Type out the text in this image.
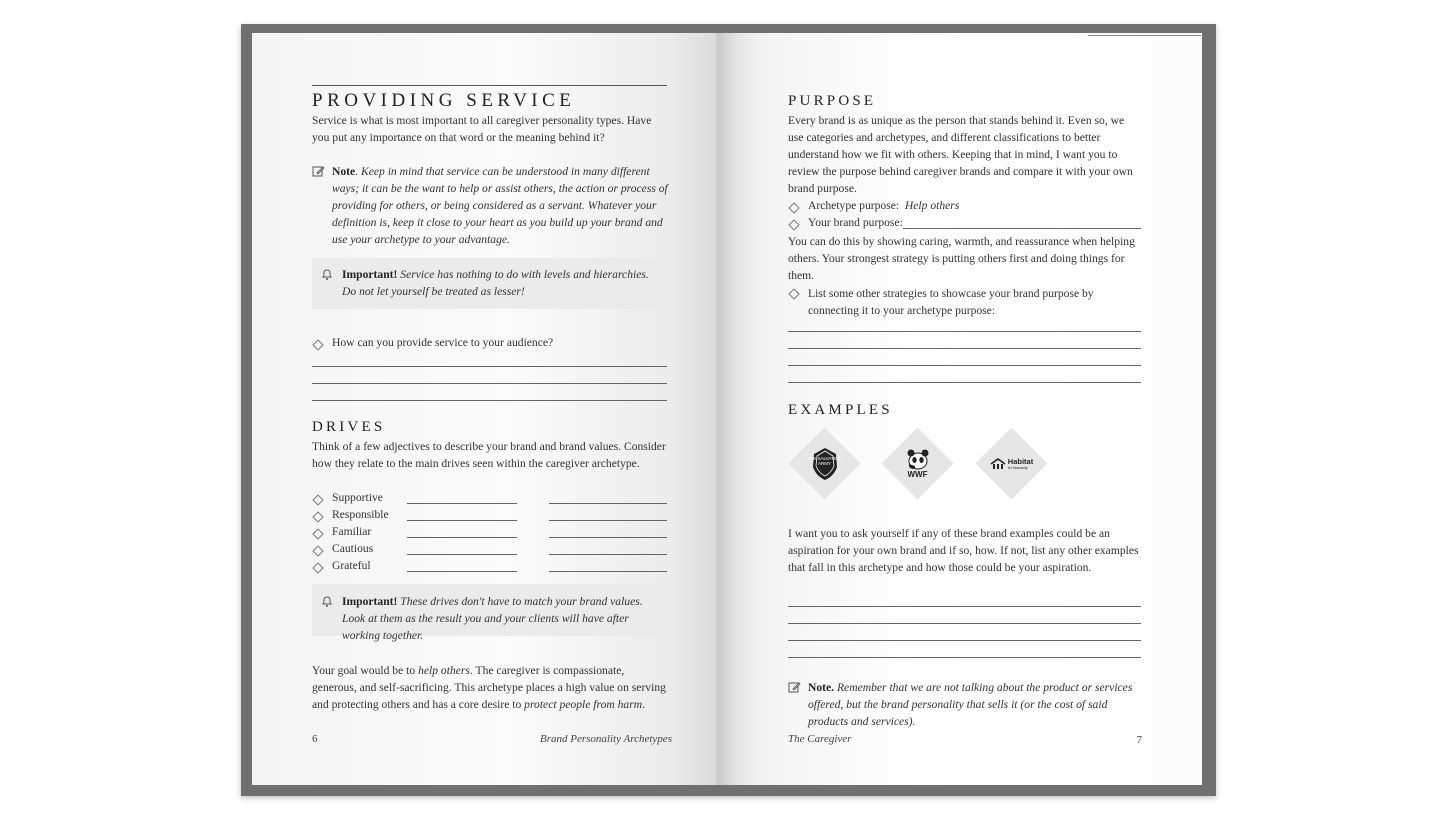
PROVIDING SERVICE
Service is what is most important to all caregiver personality types. Have you put any importance on that word or the meaning behind it?
Note. Keep in mind that service can be understood in many different ways; it can be the want to help or assist others, the action or process of providing for others, or being considered as a servant. Whatever your definition is, keep it close to your heart as you build up your brand and use your archetype to your advantage.
Important! Service has nothing to do with levels and hierarchies. Do not let yourself be treated as lesser!
How can you provide service to your audience?
DRIVES
Think of a few adjectives to describe your brand and brand values. Consider how they relate to the main drives seen within the caregiver archetype.
Supportive
Responsible
Familiar
Cautious
Grateful
Important! These drives don't have to match your brand values. Look at them as the result you and your clients will have after working together.
Your goal would be to help others. The caregiver is compassionate, generous, and self-sacrificing. This archetype places a high value on serving and protecting others and has a core desire to protect people from harm.
6	Brand Personality Archetypes
PURPOSE
Every brand is as unique as the person that stands behind it. Even so, we use categories and archetypes, and different classifications to better understand how we fit with others. Keeping that in mind, I want you to review the purpose behind caregiver brands and compare it with your own brand purpose.
Archetype purpose: Help others
Your brand purpose:
You can do this by showing caring, warmth, and reassurance when helping others. Your strongest strategy is putting others first and doing things for them.
List some other strategies to showcase your brand purpose by connecting it to your archetype purpose:
EXAMPLES
THE SALVATION ARMY
WWF
Habitat
for Humanity
I want you to ask yourself if any of these brand examples could be an aspiration for your own brand and if so, how. If not, list any other examples that fall in this archetype and how those could be your aspiration.
Note. Remember that we are not talking about the product or services offered, but the brand personality that sells it (or the cost of said products and services).
The Caregiver	7
